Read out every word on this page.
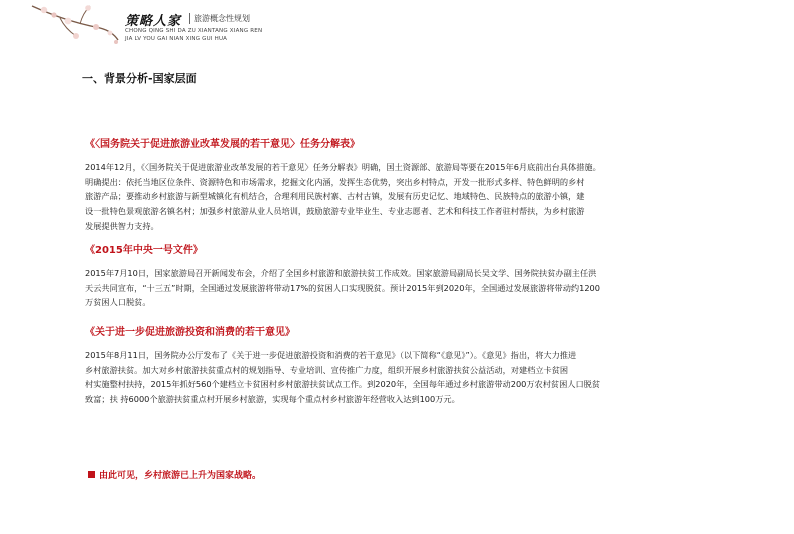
策略人家	旅游概念性规划
CHONG QING SHI DA ZU XIANTANG XIANG REN
JIA LV YOU GAI NIAN XING GUI HUA
一、背景分析-国家层面
《〈国务院关于促进旅游业改革发展的若干意见〉任务分解表》
2014年12月，《〈国务院关于促进旅游业改革发展的若干意见〉任务分解表》明确，国土资源部、旅游局等要在2015年6月底前出台具体措施。
明确提出：依托当地区位条件、资源特色和市场需求，挖掘文化内涵，发挥生态优势，突出乡村特点，开发一批形式多样、特色鲜明的乡村
旅游产品；要推动乡村旅游与新型城镇化有机结合，合理利用民族村寨、古村古镇，发展有历史记忆、地域特色、民族特点的旅游小镇，建
设一批特色景观旅游名镇名村；加强乡村旅游从业人员培训，鼓励旅游专业毕业生、专业志愿者、艺术和科技工作者驻村帮扶，为乡村旅游
发展提供智力支持。
《2015年中央一号文件》
2015年7月10日，国家旅游局召开新闻发布会，介绍了全国乡村旅游和旅游扶贫工作成效。国家旅游局副局长吴文学、国务院扶贫办副主任洪
天云共同宣布，“十三五”时期，全国通过发展旅游将带动17%的贫困人口实现脱贫。预计2015年到2020年，全国通过发展旅游将带动约1200
万贫困人口脱贫。
《关于进一步促进旅游投资和消费的若干意见》
2015年8月11日，国务院办公厅发布了《关于进一步促进旅游投资和消费的若干意见》（以下简称“《意见》”）。《意见》指出，将大力推进
乡村旅游扶贫。加大对乡村旅游扶贫重点村的规划指导、专业培训、宣传推广力度，组织开展乡村旅游扶贫公益活动，对建档立卡贫困
村实施整村扶持，2015年抓好560个建档立卡贫困村乡村旅游扶贫试点工作。到2020年，全国每年通过乡村旅游带动200万农村贫困人口脱贫
致富；扶 持6000个旅游扶贫重点村开展乡村旅游，实现每个重点村乡村旅游年经营收入达到100万元。
由此可见，乡村旅游已上升为国家战略。
